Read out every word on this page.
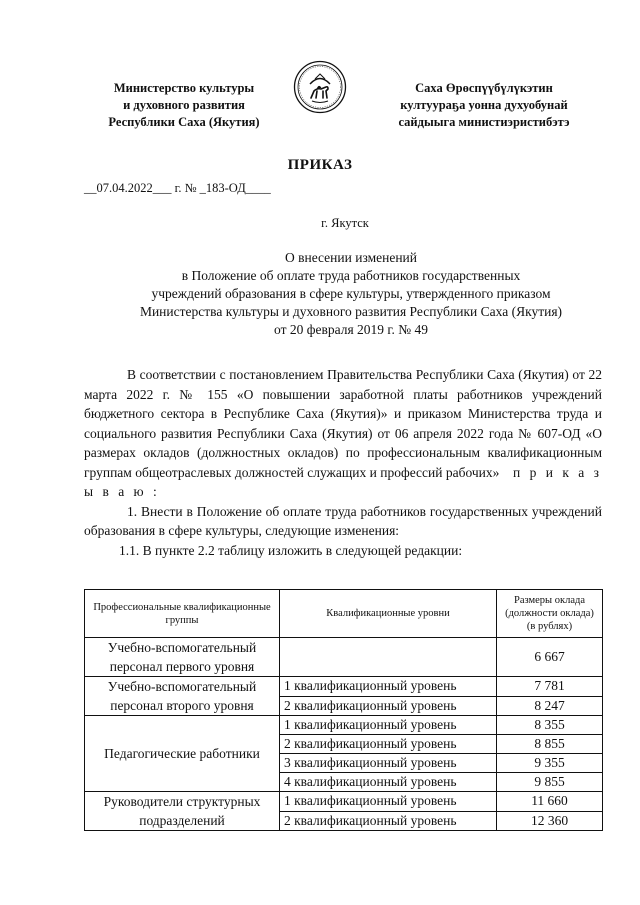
Министерство культуры
и духовного развития
Республики Саха (Якутия)
Саха Өрөспүүбүлүкэтин
култуураҕа уонна духуобунай
сайдыыга министиэристибэтэ
ПРИКАЗ
__07.04.2022___ г. № _183-ОД____
г. Якутск
О внесении изменений
в Положение об оплате труда работников государственных
учреждений образования в сфере культуры, утвержденного приказом
Министерства культуры и духовного развития Республики Саха (Якутия)
от 20 февраля 2019 г. № 49

В соответствии с постановлением Правительства Республики Саха (Якутия) от 22 марта 2022 г. № 155 «О повышении заработной платы работников учреждений бюджетного сектора в Республике Саха (Якутия)» и приказом Министерства труда и социального развития Республики Саха (Якутия) от 06 апреля 2022 года № 607-ОД «О размерах окладов (должностных окладов) по профессиональным квалификационным группам общеотраслевых должностей служащих и профессий рабочих» п р и к а з ы в а ю :

1. Внести в Положение об оплате труда работников государственных учреждений образования в сфере культуры, следующие изменения:

1.1. В пункте 2.2 таблицу изложить в следующей редакции:

Профессиональные квалификационные группы	Квалификационные уровни	Размеры оклада (должности оклада) (в рублях)
Учебно-вспомогательный персонал первого уровня		6 667
Учебно-вспомогательный персонал второго уровня	1 квалификационный уровень	7 781
	2 квалификационный уровень	8 247
Педагогические работники	1 квалификационный уровень	8 355
	2 квалификационный уровень	8 855
	3 квалификационный уровень	9 355
	4 квалификационный уровень	9 855
Руководители структурных подразделений	1 квалификационный уровень	11 660
	2 квалификационный уровень	12 360
